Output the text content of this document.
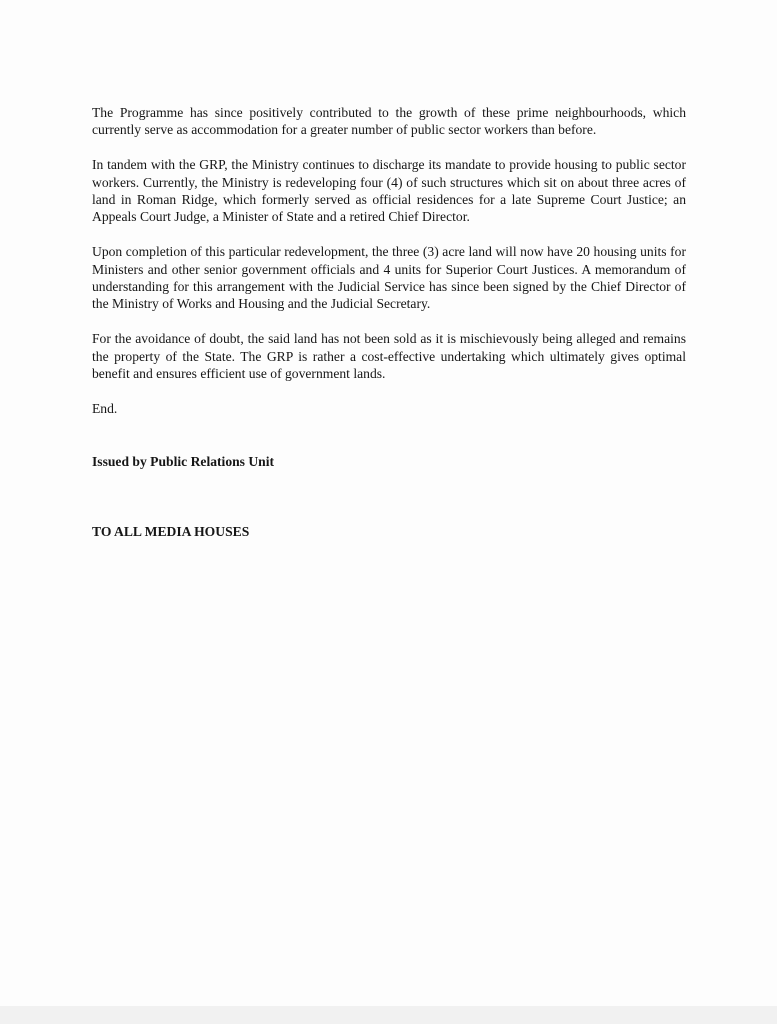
The Programme has since positively contributed to the growth of these prime neighbourhoods, which currently serve as accommodation for a greater number of public sector workers than before.

In tandem with the GRP, the Ministry continues to discharge its mandate to provide housing to public sector workers. Currently, the Ministry is redeveloping four (4) of such structures which sit on about three acres of land in Roman Ridge, which formerly served as official residences for a late Supreme Court Justice; an Appeals Court Judge, a Minister of State and a retired Chief Director.

Upon completion of this particular redevelopment, the three (3) acre land will now have 20 housing units for Ministers and other senior government officials and 4 units for Superior Court Justices. A memorandum of understanding for this arrangement with the Judicial Service has since been signed by the Chief Director of the Ministry of Works and Housing and the Judicial Secretary.

For the avoidance of doubt, the said land has not been sold as it is mischievously being alleged and remains the property of the State. The GRP is rather a cost-effective undertaking which ultimately gives optimal benefit and ensures efficient use of government lands.

End.

Issued by Public Relations Unit

TO ALL MEDIA HOUSES
